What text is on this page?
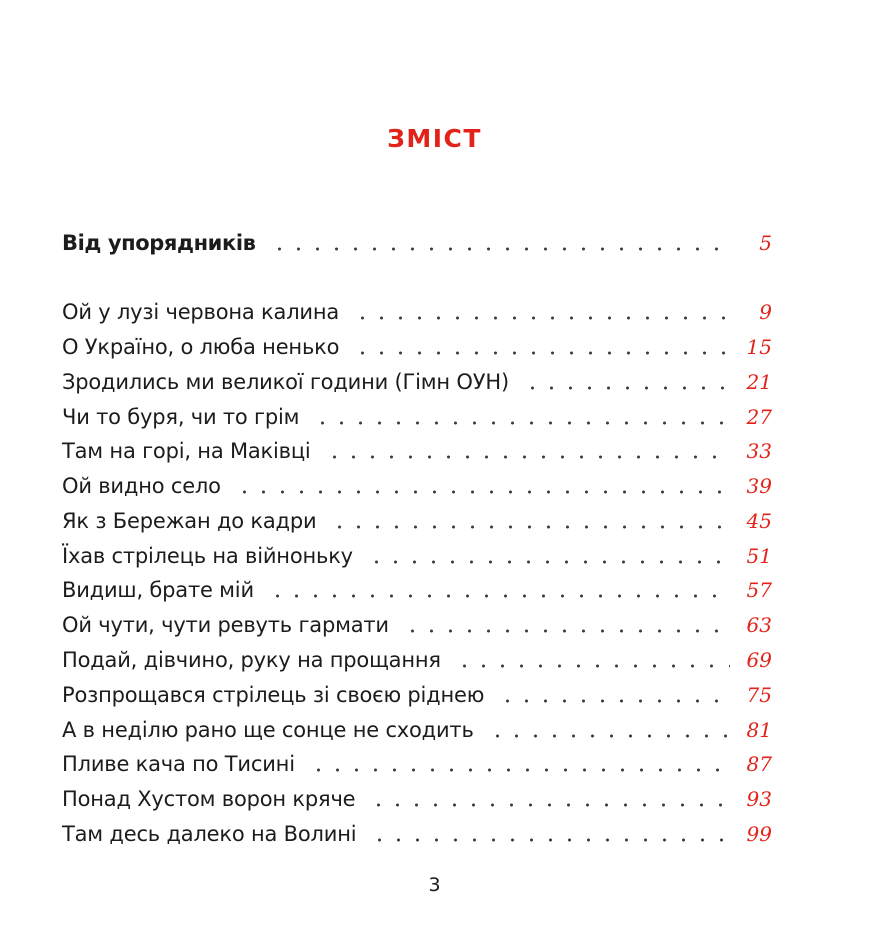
ЗМІСТ
Від упорядників	5
Ой у лузі червона калина	9
О Україно, о люба ненько	15
Зродились ми великої години (Гімн ОУН)	21
Чи то буря, чи то грім	27
Там на горі, на Маківці	33
Ой видно село	39
Як з Бережан до кадри	45
Їхав стрілець на війноньку	51
Видиш, брате мій	57
Ой чути, чути ревуть гармати	63
Подай, дівчино, руку на прощання	69
Розпрощався стрілець зі своєю ріднею	75
А в неділю рано ще сонце не сходить	81
Пливе кача по Тисині	87
Понад Хустом ворон кряче	93
Там десь далеко на Волині	99
3
